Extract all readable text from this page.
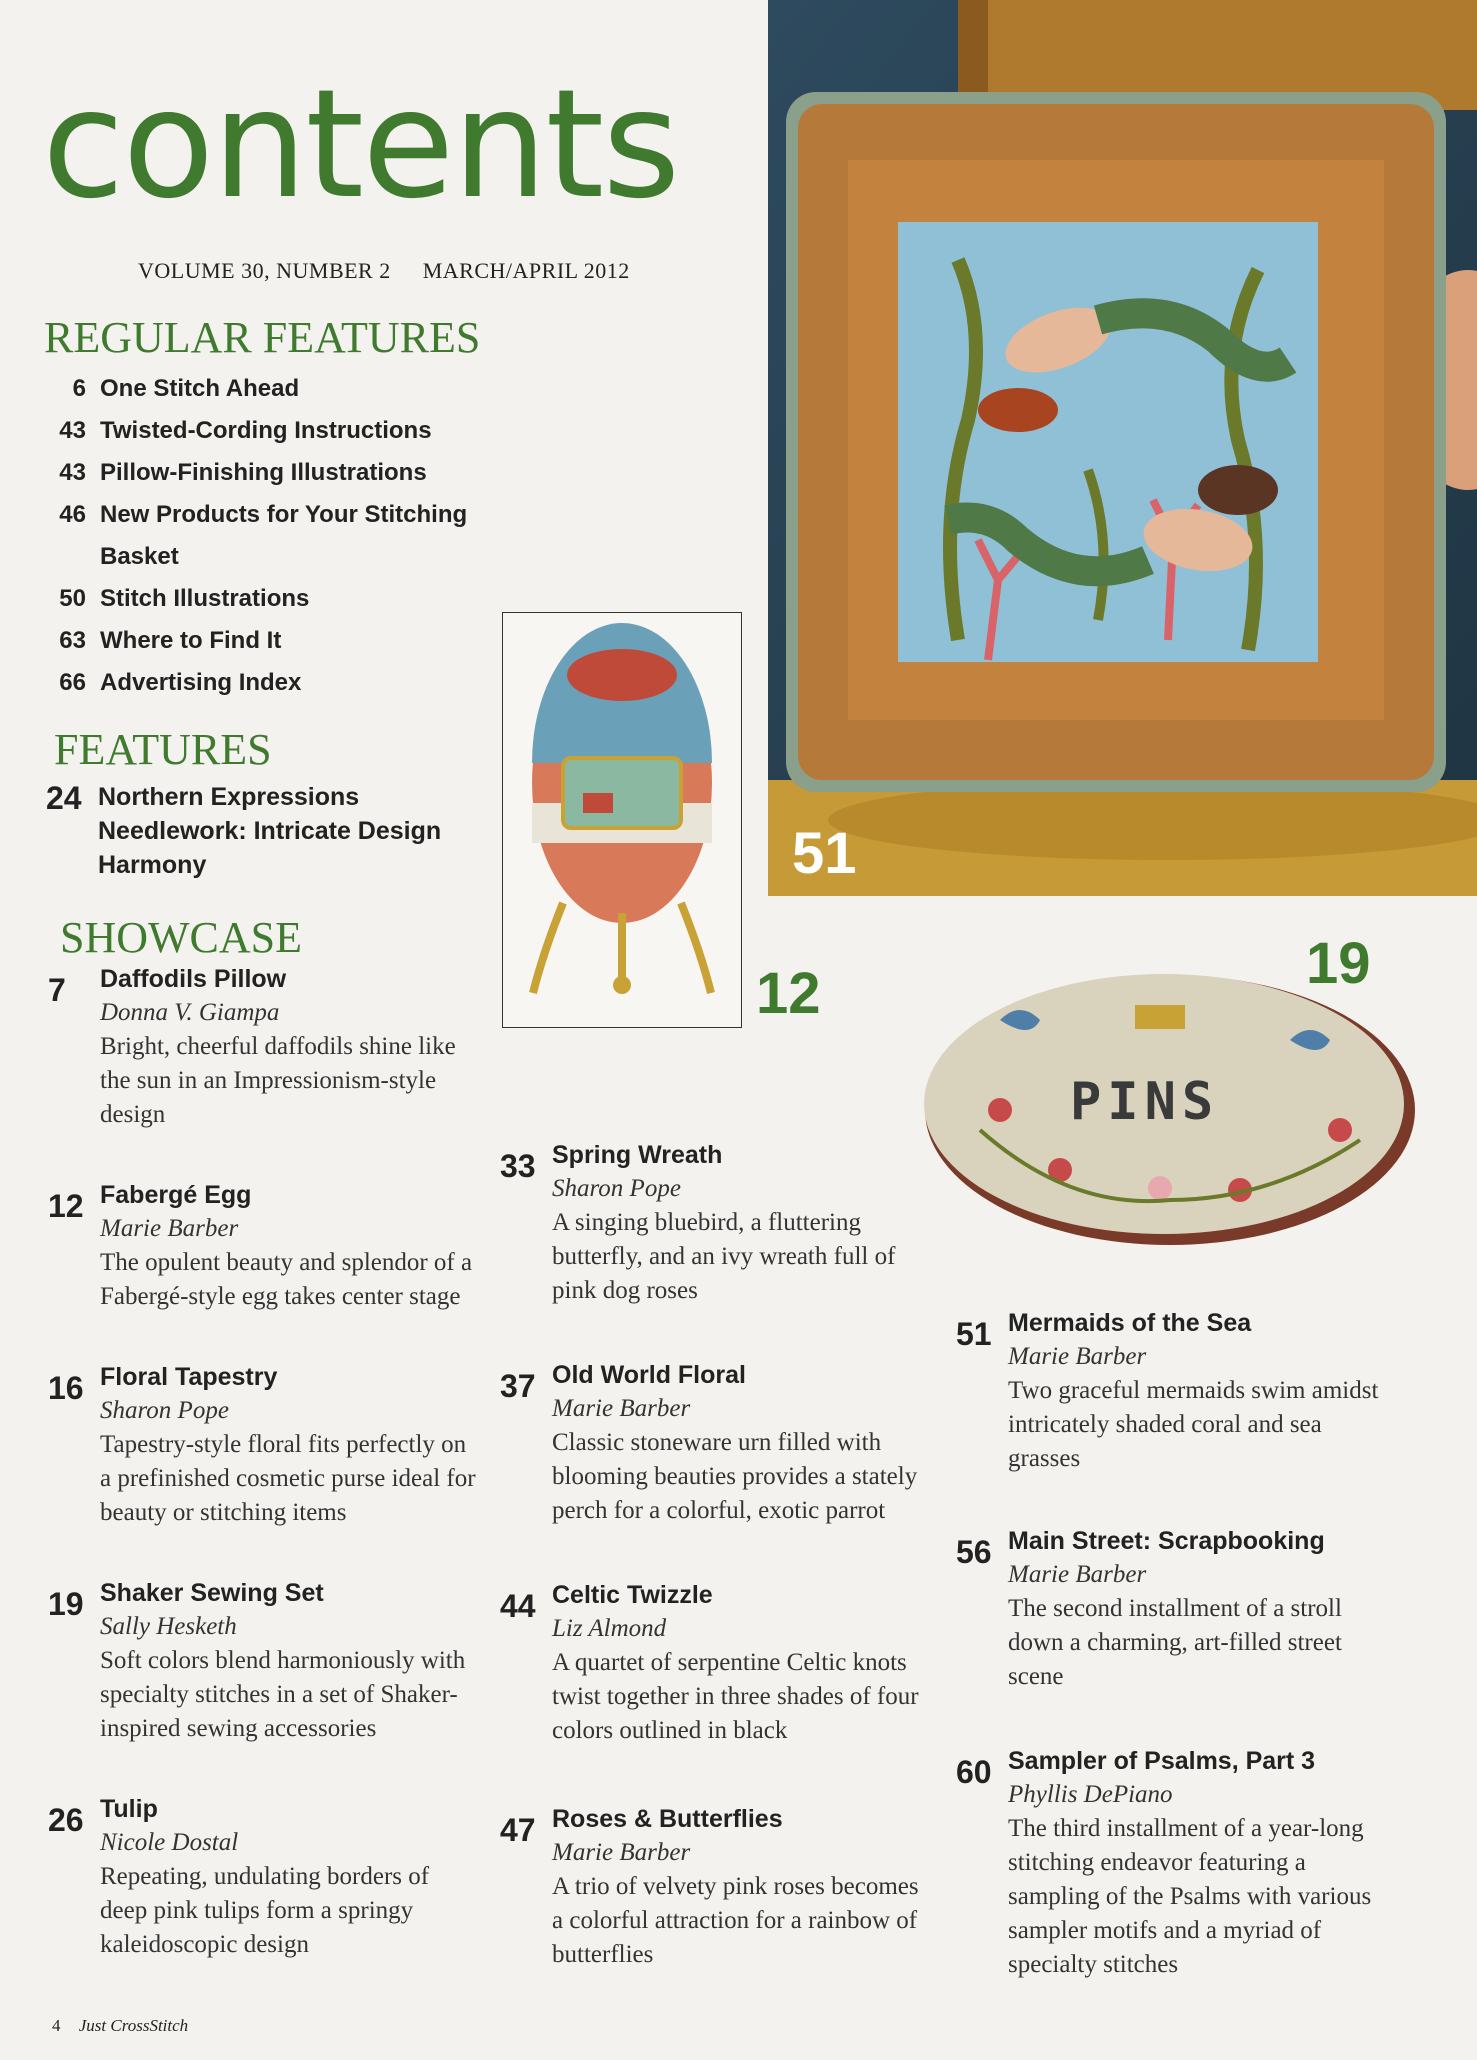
contents
VOLUME 30, NUMBER 2 MARCH/APRIL 2012
REGULAR FEATURES
6 One Stitch Ahead
43 Twisted-Cording Instructions
43 Pillow-Finishing Illustrations
46 New Products for Your Stitching Basket
50 Stitch Illustrations
63 Where to Find It
66 Advertising Index
FEATURES
24 Northern Expressions Needlework: Intricate Design Harmony
SHOWCASE
7	Daffodils Pillow
Donna V. Giampa
Bright, cheerful daffodils shine like the sun in an Impressionism-style design
12 Fabergé Egg
Marie Barber
The opulent beauty and splendor of a Fabergé-style egg takes center stage
16 Floral Tapestry
Sharon Pope
Tapestry-style floral fits perfectly on a prefinished cosmetic purse ideal for beauty or stitching items
19 Shaker Sewing Set
Sally Hesketh
Soft colors blend harmoniously with specialty stitches in a set of Shaker-inspired sewing accessories
26 Tulip
Nicole Dostal
Repeating, undulating borders of deep pink tulips form a springy kaleidoscopic design
33 Spring Wreath
Sharon Pope
A singing bluebird, a fluttering butterfly, and an ivy wreath full of pink dog roses
37 Old World Floral
Marie Barber
Classic stoneware urn filled with blooming beauties provides a stately perch for a colorful, exotic parrot
44 Celtic Twizzle
Liz Almond
A quartet of serpentine Celtic knots twist together in three shades of four colors outlined in black
47 Roses & Butterflies
Marie Barber
A trio of velvety pink roses becomes a colorful attraction for a rainbow of butterflies
51 Mermaids of the Sea
Marie Barber
Two graceful mermaids swim amidst intricately shaded coral and sea grasses
56 Main Street: Scrapbooking
Marie Barber
The second installment of a stroll down a charming, art-filled street scene
60 Sampler of Psalms, Part 3
Phyllis DePiano
The third installment of a year-long stitching endeavor featuring a sampling of the Psalms with various sampler motifs and a myriad of specialty stitches
51
12
PINS
19
4 Just CrossStitch
